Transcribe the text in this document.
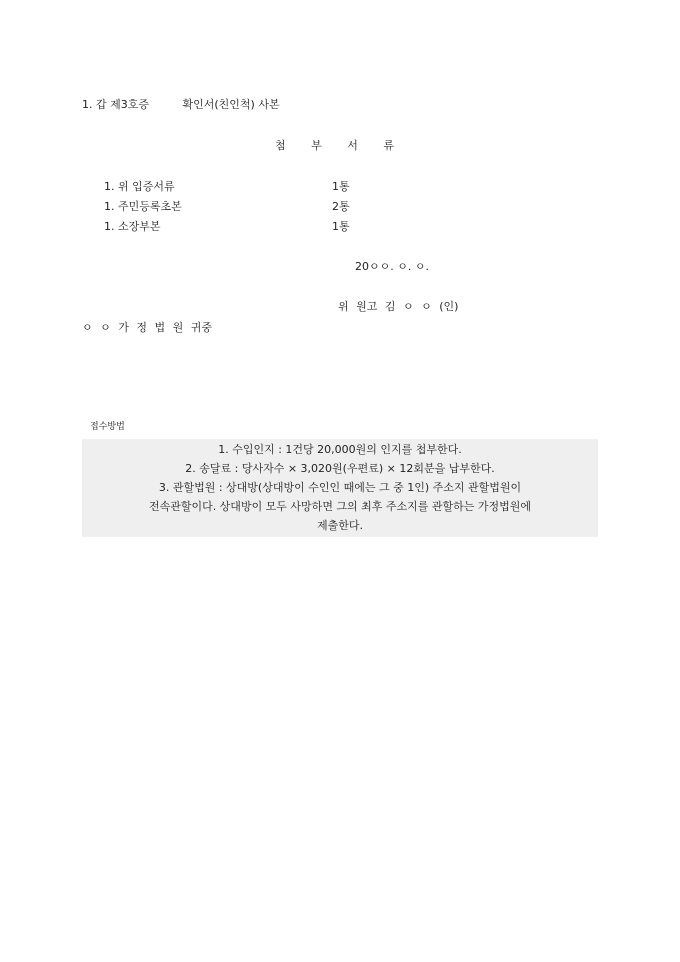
1. 갑 제3호증	확인서(친인척) 사본
첨 부 서 류
1. 위 입증서류	1통
1. 주민등록초본	2통
1. 소장부본	1통
20ㅇㅇ. ㅇ. ㅇ.
위 원고 김 ㅇ ㅇ (인)
ㅇ ㅇ 가 정 법 원 귀중
접수방법
1. 수입인지 : 1건당 20,000원의 인지를 첩부한다.
2. 송달료 : 당사자수 × 3,020원(우편료) × 12회분을 납부한다.
3. 관할법원 : 상대방(상대방이 수인인 때에는 그 중 1인) 주소지 관할법원이
전속관할이다. 상대방이 모두 사망하면 그의 최후 주소지를 관할하는 가정법원에
제출한다.
